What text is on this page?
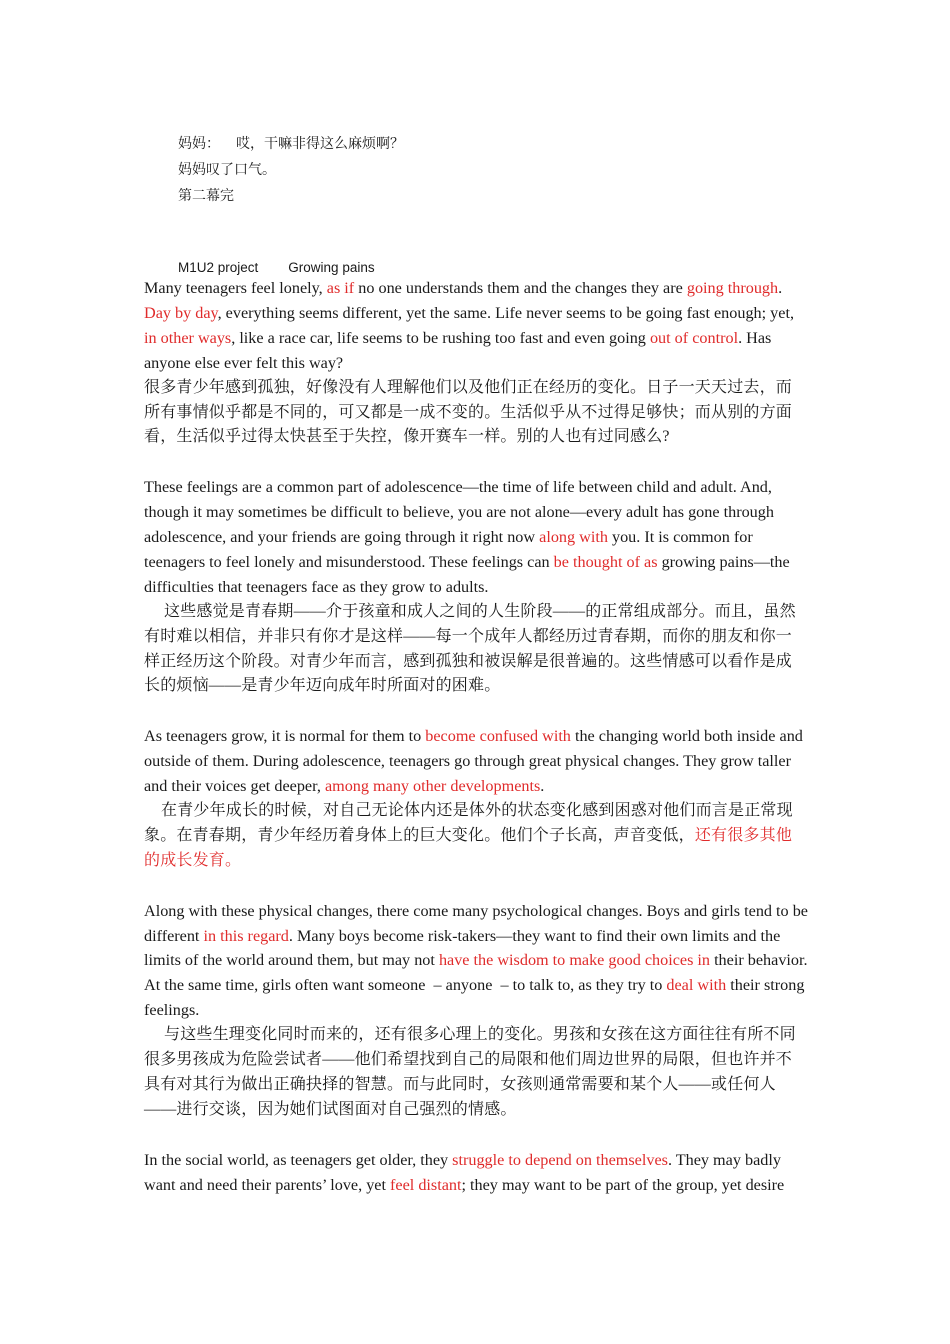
妈妈： 哎，干嘛非得这么麻烦啊？
妈妈叹了口气。
第二幕完
M1U2 project Growing pains

Many teenagers feel lonely, as if no one understands them and the changes they are going through. Day by day, everything seems different, yet the same. Life never seems to be going fast enough; yet, in other ways, like a race car, life seems to be rushing too fast and even going out of control. Has anyone else ever felt this way?

很多青少年感到孤独，好像没有人理解他们以及他们正在经历的变化。日子一天天过去，而所有事情似乎都是不同的，可又都是一成不变的。生活似乎从不过得足够快；而从别的方面看，生活似乎过得太快甚至于失控，像开赛车一样。别的人也有过同感么?

These feelings are a common part of adolescence—the time of life between child and adult. And, though it may sometimes be difficult to believe, you are not alone—every adult has gone through adolescence, and your friends are going through it right now along with you. It is common for teenagers to feel lonely and misunderstood. These feelings can be thought of as growing pains—the difficulties that teenagers face as they grow to adults.

这些感觉是青春期——介于孩童和成人之间的人生阶段——的正常组成部分。而且，虽然有时难以相信，并非只有你才是这样——每一个成年人都经历过青春期，而你的朋友和你一样正经历这个阶段。对青少年而言，感到孤独和被误解是很普遍的。这些情感可以看作是成长的烦恼——是青少年迈向成年时所面对的困难。

As teenagers grow, it is normal for them to become confused with the changing world both inside and outside of them. During adolescence, teenagers go through great physical changes. They grow taller and their voices get deeper, among many other developments.

在青少年成长的时候，对自己无论体内还是体外的状态变化感到困惑对他们而言是正常现象。在青春期，青少年经历着身体上的巨大变化。他们个子长高，声音变低，还有很多其他的成长发育。

Along with these physical changes, there come many psychological changes. Boys and girls tend to be different in this regard. Many boys become risk-takers—they want to find their own limits and the limits of the world around them, but may not have the wisdom to make good choices in their behavior. At the same time, girls often want someone  – anyone  – to talk to, as they try to deal with their strong feelings.

与这些生理变化同时而来的，还有很多心理上的变化。男孩和女孩在这方面往往有所不同很多男孩成为危险尝试者——他们希望找到自己的局限和他们周边世界的局限，但也许并不具有对其行为做出正确抉择的智慧。而与此同时，女孩则通常需要和某个人——或任何人——进行交谈，因为她们试图面对自己强烈的情感。

In the social world, as teenagers get older, they struggle to depend on themselves. They may badly want and need their parents’ love, yet feel distant; they may want to be part of the group, yet desire
